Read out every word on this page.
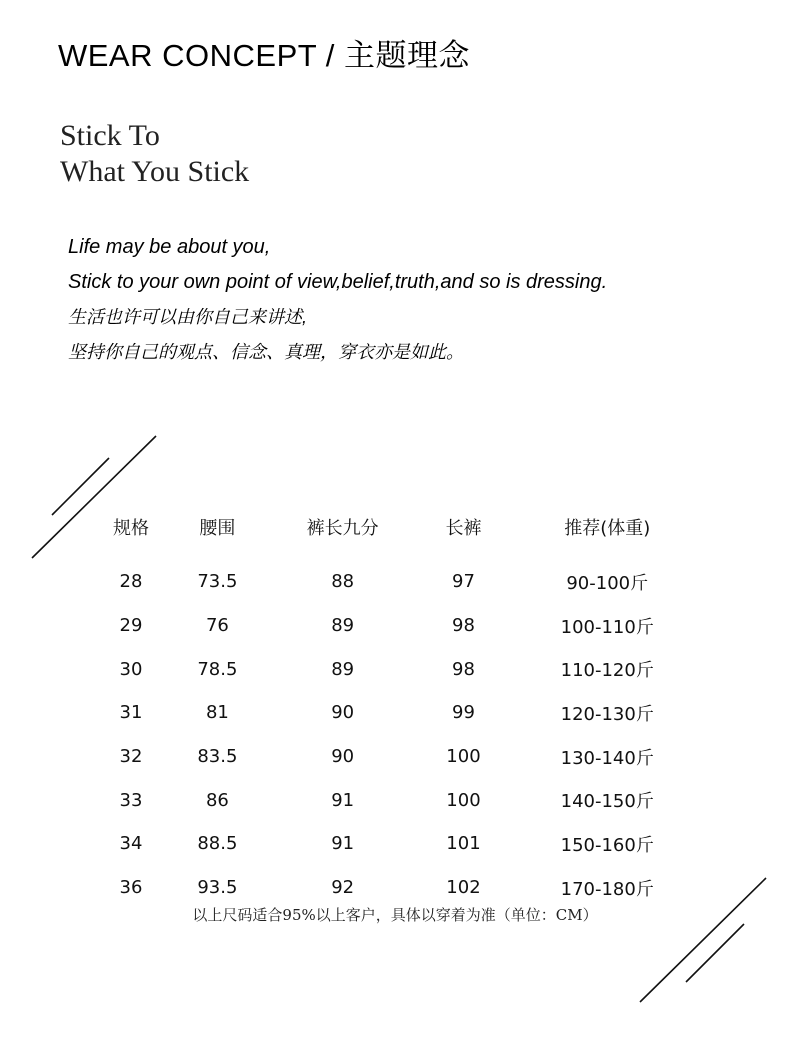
WEAR CONCEPT / 主题理念
Stick To
What You Stick
Life may be about you,
Stick to your own point of view,belief,truth,and so is dressing.
生活也许可以由你自己来讲述,
坚持你自己的观点、信念、真理，穿衣亦是如此。
规格	腰围	裤长九分	长裤	推荐(体重)
28	73.5	88	97	90-100斤
29	76	89	98	100-110斤
30	78.5	89	98	110-120斤
31	81	90	99	120-130斤
32	83.5	90	100	130-140斤
33	86	91	100	140-150斤
34	88.5	91	101	150-160斤
36	93.5	92	102	170-180斤
以上尺码适合95%以上客户，具体以穿着为准（单位：CM）
